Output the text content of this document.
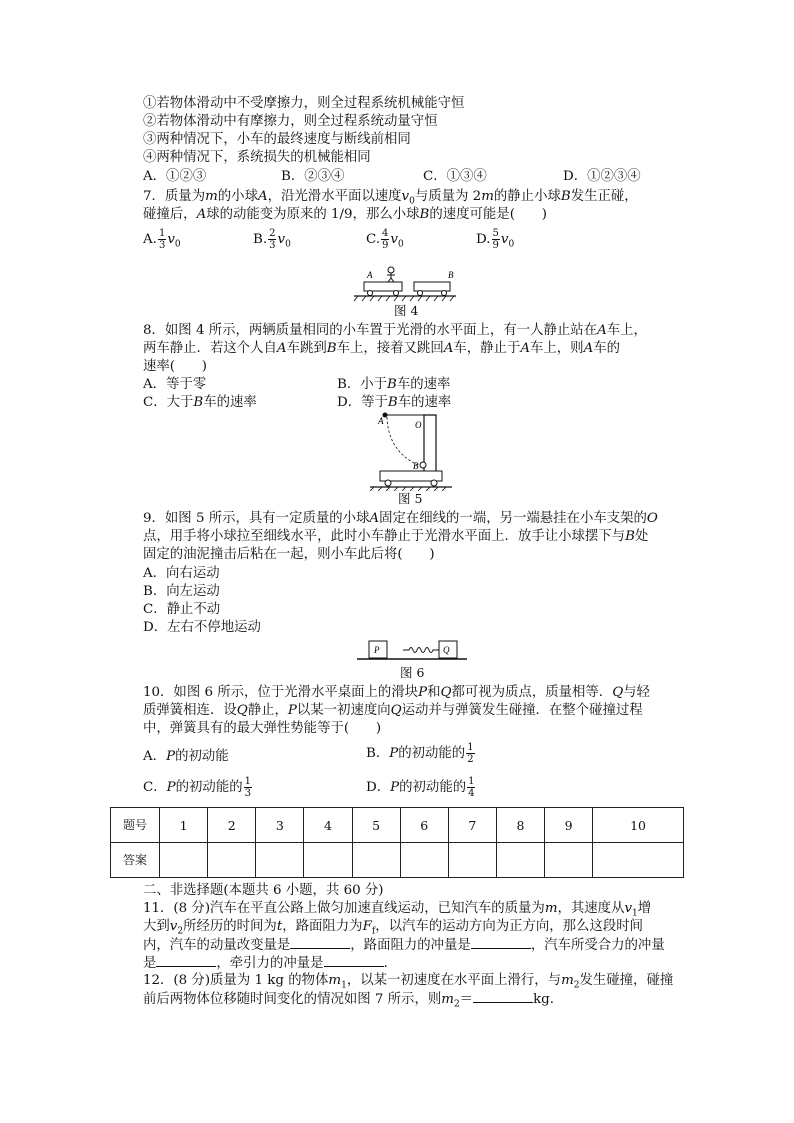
①若物体滑动中不受摩擦力，则全过程系统机械能守恒
②若物体滑动中有摩擦力，则全过程系统动量守恒
③两种情况下，小车的最终速度与断线前相同
④两种情况下，系统损失的机械能相同
A．①②③	B．②③④	C．①③④	D．①②③④
7．质量为m的小球A，沿光滑水平面以速度$v_0$与质量为 2m的静止小球B发生正碰，
碰撞后，A球的动能变为原来的 1/9，那么小球B的速度可能是(　　)
A. $\frac{1}{3} v_0$	B. $\frac{2}{3} v_0$	C. $\frac{4}{9} v_0$	D. $\frac{5}{9} v_0$
A	B
图 4
8．如图 4 所示，两辆质量相同的小车置于光滑的水平面上，有一人静止站在A车上，
两车静止．若这个人自A车跳到B车上，接着又跳回A车，静止于A车上，则A车的
速率(　　)
A．等于零	B．小于B车的速率
C．大于B车的速率	D．等于B车的速率
A	O
B
图 5
9．如图 5 所示，具有一定质量的小球A固定在细线的一端，另一端悬挂在小车支架的O
点，用手将小球拉至细线水平，此时小车静止于光滑水平面上．放手让小球摆下与B处
固定的油泥撞击后粘在一起，则小车此后将(　　)
A．向右运动
B．向左运动
C．静止不动
D．左右不停地运动
P	Q
图 6
10．如图 6 所示，位于光滑水平桌面上的滑块P和Q都可视为质点，质量相等．Q与轻
质弹簧相连．设Q静止，P以某一初速度向Q运动并与弹簧发生碰撞．在整个碰撞过程
中，弹簧具有的最大弹性势能等于(　　)
A．P的初动能	B．P的初动能的 $\frac{1}{2}$
C．P的初动能的 $\frac{1}{3}$	D．P的初动能的 $\frac{1}{4}$
题号	1	2	3	4	5	6	7	8	9	10
答案										
二、非选择题(本题共 6 小题，共 60 分)
11．(8 分)汽车在平直公路上做匀加速直线运动，已知汽车的质量为m，其速度从$v_1$增
大到$v_2$所经历的时间为t，路面阻力为$F_f$，以汽车的运动方向为正方向，那么这段时间
内，汽车的动量改变量是	，路面阻力的冲量是	，汽车所受合力的冲量
是	，牵引力的冲量是	.
12．(8 分)质量为 1 kg 的物体$m_1$，以某一初速度在水平面上滑行，与$m_2$发生碰撞，碰撞
前后两物体位移随时间变化的情况如图 7 所示，则$m_2=$	kg.
